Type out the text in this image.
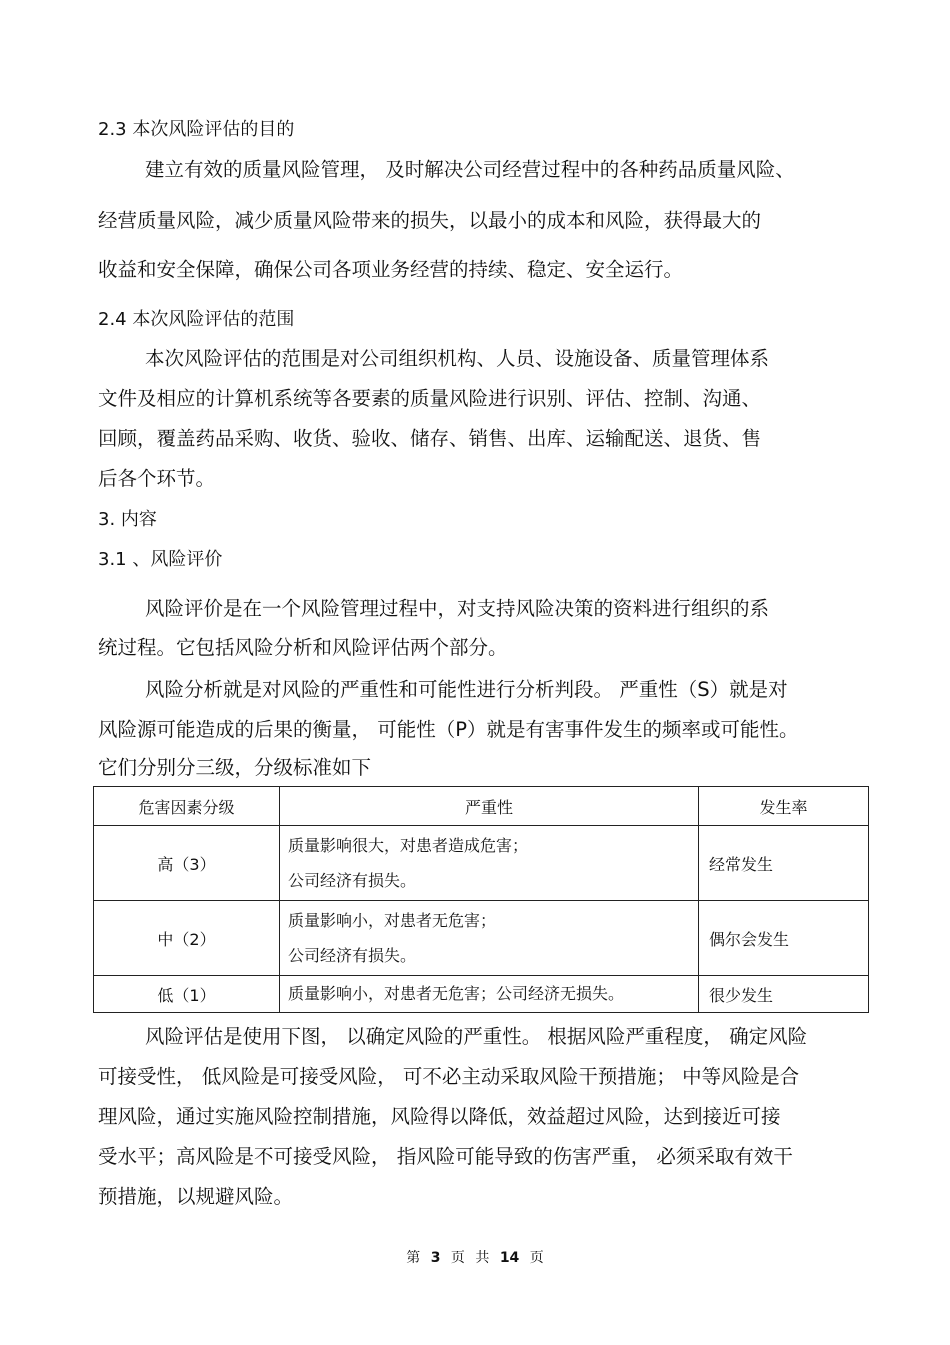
2.3 本次风险评估的目的
建立有效的质量风险管理， 及时解决公司经营过程中的各种药品质量风险、
经营质量风险，减少质量风险带来的损失，以最小的成本和风险，获得最大的
收益和安全保障，确保公司各项业务经营的持续、稳定、安全运行。
2.4 本次风险评估的范围
本次风险评估的范围是对公司组织机构、人员、设施设备、质量管理体系
文件及相应的计算机系统等各要素的质量风险进行识别、评估、控制、沟通、
回顾，覆盖药品采购、收货、验收、储存、销售、出库、运输配送、退货、售
后各个环节。
3. 内容
3.1 、风险评价
风险评价是在一个风险管理过程中，对支持风险决策的资料进行组织的系
统过程。它包括风险分析和风险评估两个部分。
风险分析就是对风险的严重性和可能性进行分析判段。 严重性（S）就是对
风险源可能造成的后果的衡量， 可能性（P）就是有害事件发生的频率或可能性。
它们分别分三级，分级标准如下
危害因素分级	严重性	发生率
高（3）	质量影响很大，对患者造成危害；
公司经济有损失。	经常发生
中（2）	质量影响小，对患者无危害；
公司经济有损失。	偶尔会发生
低（1）	质量影响小，对患者无危害；公司经济无损失。	很少发生
风险评估是使用下图， 以确定风险的严重性。 根据风险严重程度， 确定风险
可接受性， 低风险是可接受风险， 可不必主动采取风险干预措施； 中等风险是合
理风险，通过实施风险控制措施，风险得以降低，效益超过风险，达到接近可接
受水平；高风险是不可接受风险， 指风险可能导致的伤害严重， 必须采取有效干
预措施，以规避风险。
第 3 页 共 14 页
